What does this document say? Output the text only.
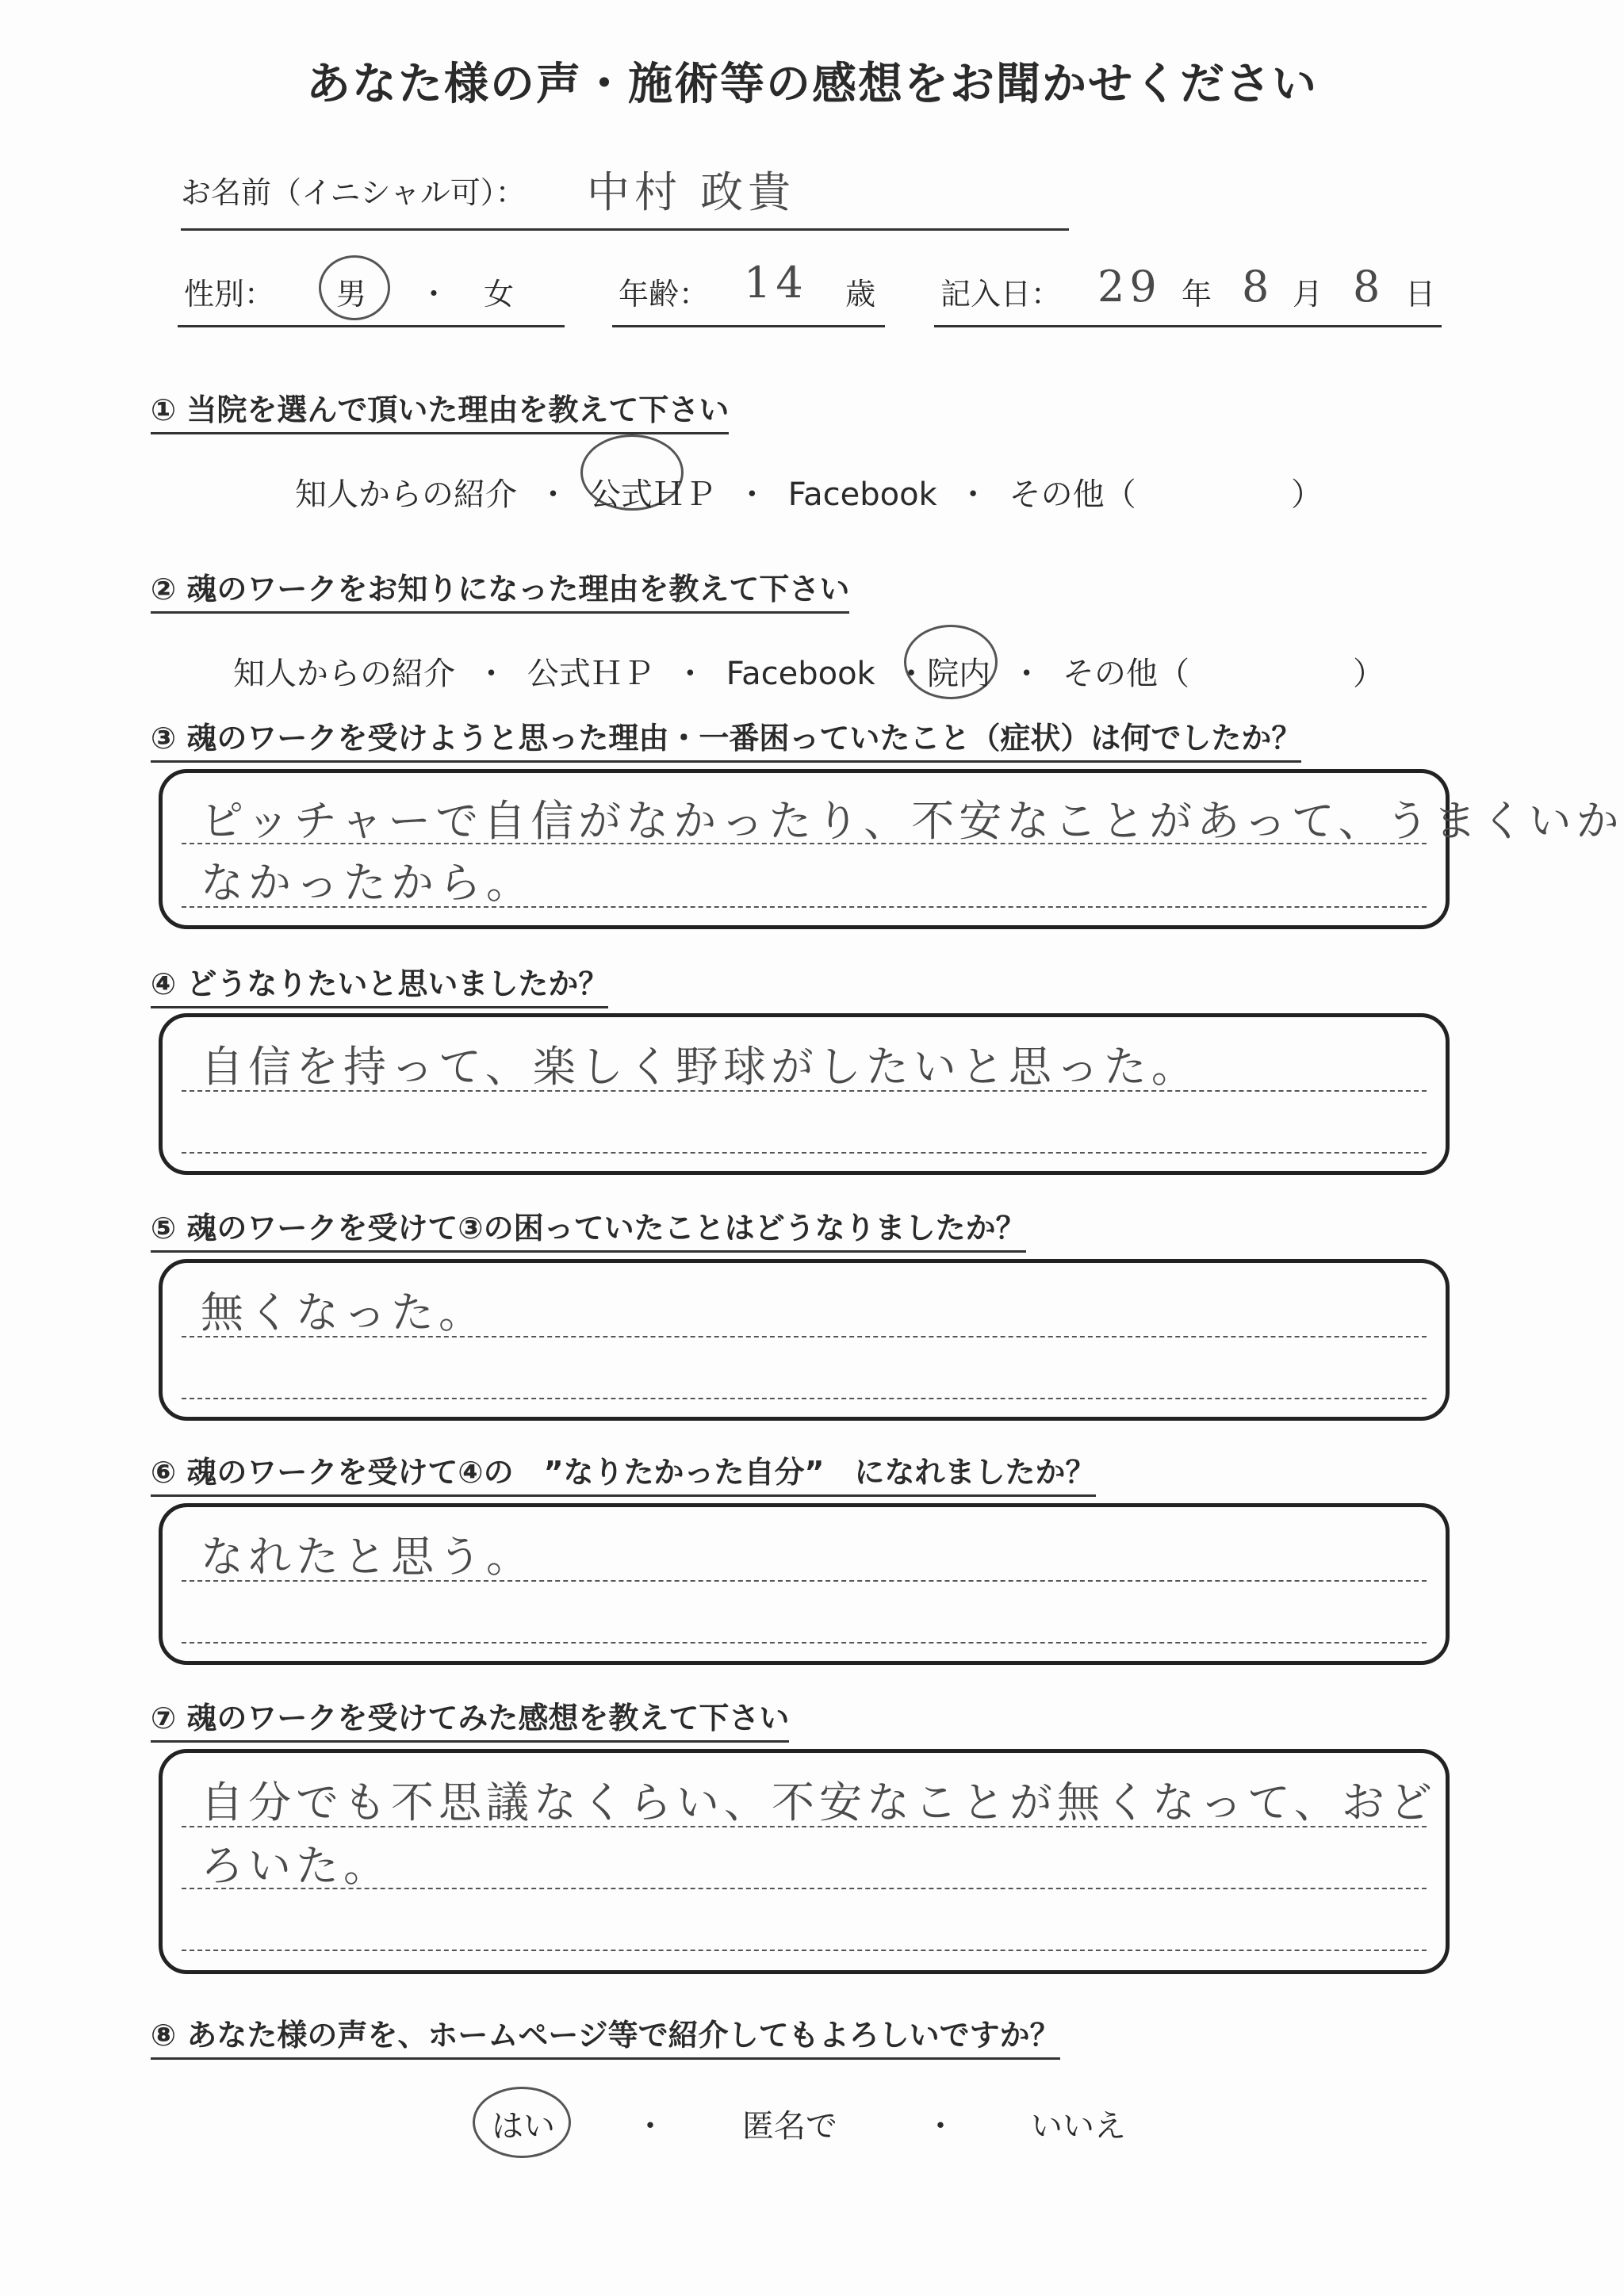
あなた様の声・施術等の感想をお聞かせください
お名前（イニシャル可）： 中村 政貴
性別： 男 ・ 女	年齢： 14 歳 記入日： 29 年 8 月 8 日
① 当院を選んで頂いた理由を教えて下さい
知人からの紹介 ・ 公式ＨＰ ・ Facebook ・ その他（	）
② 魂のワークをお知りになった理由を教えて下さい
知人からの紹介 ・ 公式ＨＰ ・ Facebook ・院内 ・ その他（	）
③ 魂のワークを受けようと思った理由・一番困っていたこと（症状）は何でしたか？
ピッチャーで自信がなかったり、不安なことがあって、うまくいか
なかったから。
④ どうなりたいと思いましたか？
自信を持って、楽しく野球がしたいと思った。
⑤ 魂のワークを受けて③の困っていたことはどうなりましたか？
無くなった。
⑥ 魂のワークを受けて④の　”なりたかった自分”　になれましたか？
なれたと思う。
⑦ 魂のワークを受けてみた感想を教えて下さい
自分でも不思議なくらい、不安なことが無くなって、おど
ろいた。
⑧ あなた様の声を、ホームページ等で紹介してもよろしいですか？
はい	・ 匿名で	・ いいえ
